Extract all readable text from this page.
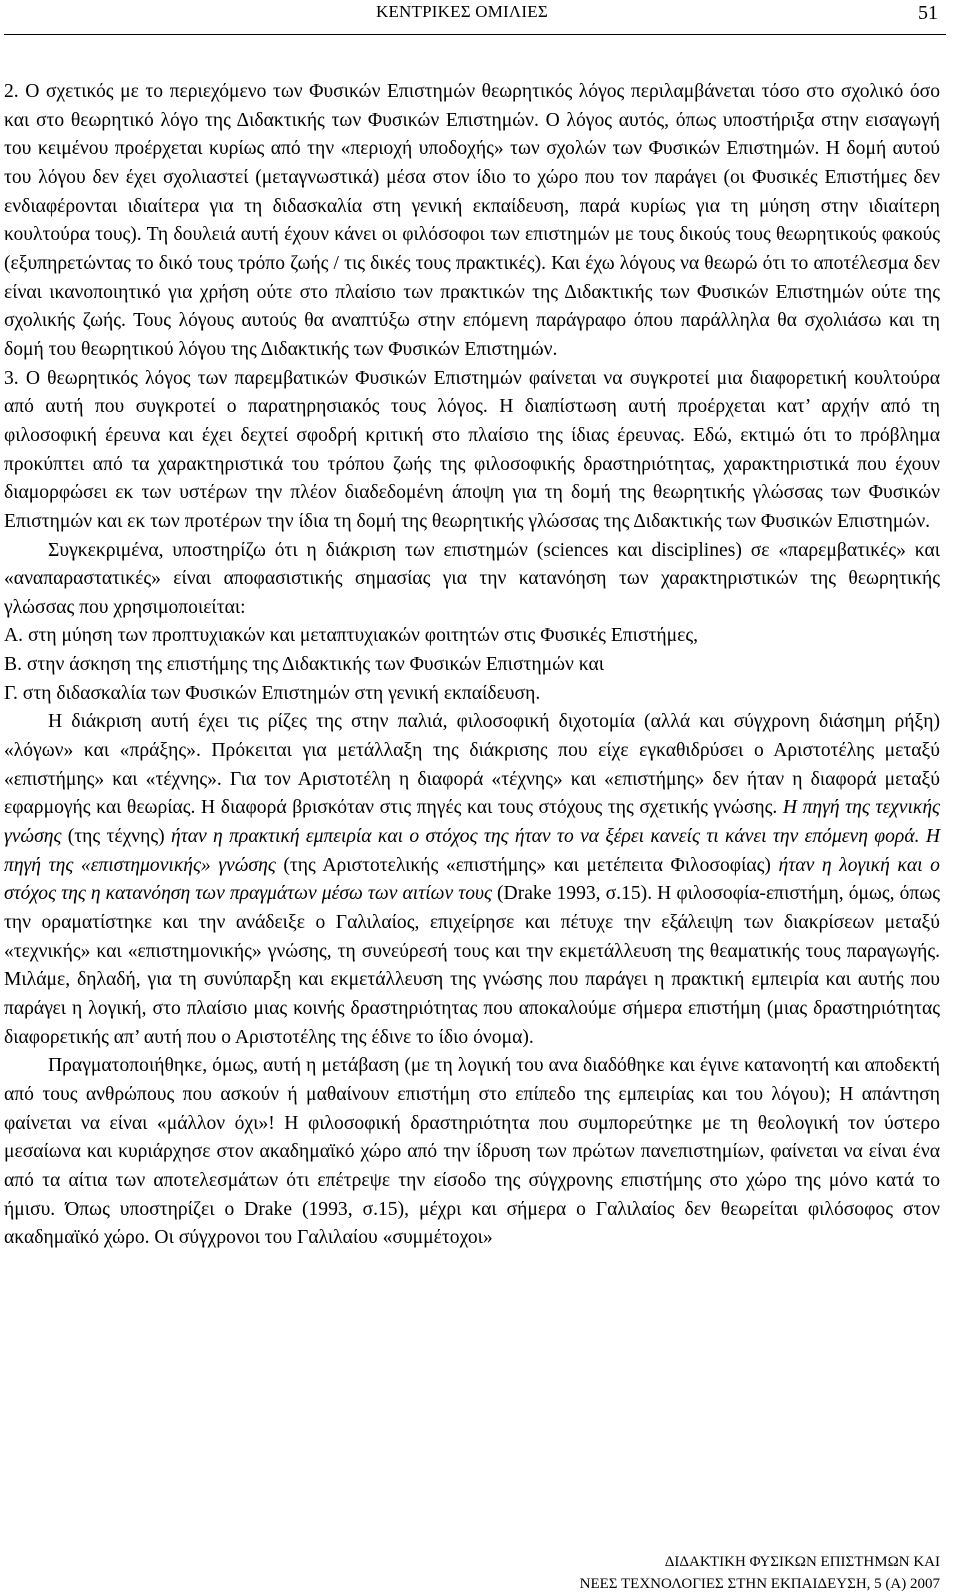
ΚΕΝΤΡΙΚΕΣ ΟΜΙΛΙΕΣ	51

2. Ο σχετικός με το περιεχόμενο των Φυσικών Επιστημών θεωρητικός λόγος περιλαμβάνεται τόσο στο σχολικό όσο και στο θεωρητικό λόγο της Διδακτικής των Φυσικών Επιστημών. Ο λόγος αυτός, όπως υποστήριξα στην εισαγωγή του κειμένου προέρχεται κυρίως από την «περιοχή υποδοχής» των σχολών των Φυσικών Επιστημών. Η δομή αυτού του λόγου δεν έχει σχολιαστεί (μεταγνωστικά) μέσα στον ίδιο το χώρο που τον παράγει (οι Φυσικές Επιστήμες δεν ενδιαφέρονται ιδιαίτερα για τη διδασκαλία στη γενική εκπαίδευση, παρά κυρίως για τη μύηση στην ιδιαίτερη κουλτούρα τους). Τη δουλειά αυτή έχουν κάνει οι φιλόσοφοι των επιστημών με τους δικούς τους θεωρητικούς φακούς (εξυπηρετώντας το δικό τους τρόπο ζωής / τις δικές τους πρακτικές). Και έχω λόγους να θεωρώ ότι το αποτέλεσμα δεν είναι ικανοποιητικό για χρήση ούτε στο πλαίσιο των πρακτικών της Διδακτικής των Φυσικών Επιστημών ούτε της σχολικής ζωής. Τους λόγους αυτούς θα αναπτύξω στην επόμενη παράγραφο όπου παράλληλα θα σχολιάσω και τη δομή του θεωρητικού λόγου της Διδακτικής των Φυσικών Επιστημών.

3. Ο θεωρητικός λόγος των παρεμβατικών Φυσικών Επιστημών φαίνεται να συγκροτεί μια διαφορετική κουλτούρα από αυτή που συγκροτεί ο παρατηρησιακός τους λόγος. Η διαπίστωση αυτή προέρχεται κατ’ αρχήν από τη φιλοσοφική έρευνα και έχει δεχτεί σφοδρή κριτική στο πλαίσιο της ίδιας έρευνας. Εδώ, εκτιμώ ότι το πρόβλημα προκύπτει από τα χαρακτηριστικά του τρόπου ζωής της φιλοσοφικής δραστηριότητας, χαρακτηριστικά που έχουν διαμορφώσει εκ των υστέρων την πλέον διαδεδομένη άποψη για τη δομή της θεωρητικής γλώσσας των Φυσικών Επιστημών και εκ των προτέρων την ίδια τη δομή της θεωρητικής γλώσσας της Διδακτικής των Φυσικών Επιστημών.

Συγκεκριμένα, υποστηρίζω ότι η διάκριση των επιστημών (sciences και disciplines) σε «παρεμβατικές» και «αναπαραστατικές» είναι αποφασιστικής σημασίας για την κατανόηση των χαρακτηριστικών της θεωρητικής γλώσσας που χρησιμοποιείται:

Α. στη μύηση των προπτυχιακών και μεταπτυχιακών φοιτητών στις Φυσικές Επιστήμες,

Β. στην άσκηση της επιστήμης της Διδακτικής των Φυσικών Επιστημών και

Γ. στη διδασκαλία των Φυσικών Επιστημών στη γενική εκπαίδευση.

Η διάκριση αυτή έχει τις ρίζες της στην παλιά, φιλοσοφική διχοτομία (αλλά και σύγχρονη διάσημη ρήξη) «λόγων» και «πράξης». Πρόκειται για μετάλλαξη της διάκρισης που είχε εγκαθιδρύσει ο Αριστοτέλης μεταξύ «επιστήμης» και «τέχνης». Για τον Αριστοτέλη η διαφορά «τέχνης» και «επιστήμης» δεν ήταν η διαφορά μεταξύ εφαρμογής και θεωρίας. Η διαφορά βρισκόταν στις πηγές και τους στόχους της σχετικής γνώσης. Η πηγή της τεχνικής γνώσης (της τέχνης) ήταν η πρακτική εμπειρία και ο στόχος της ήταν το να ξέρει κανείς τι κάνει την επόμενη φορά. Η πηγή της «επιστημονικής» γνώσης (της Αριστοτελικής «επιστήμης» και μετέπειτα Φιλοσοφίας) ήταν η λογική και ο στόχος της η κατανόηση των πραγμάτων μέσω των αιτίων τους (Drake 1993, σ.15). Η φιλοσοφία-επιστήμη, όμως, όπως την οραματίστηκε και την ανάδειξε ο Γαλιλαίος, επιχείρησε και πέτυχε την εξάλειψη των διακρίσεων μεταξύ «τεχνικής» και «επιστημονικής» γνώσης, τη συνεύρεσή τους και την εκμετάλλευση της θεαματικής τους παραγωγής. Μιλάμε, δηλαδή, για τη συνύπαρξη και εκμετάλλευση της γνώσης που παράγει η πρακτική εμπειρία και αυτής που παράγει η λογική, στο πλαίσιο μιας κοινής δραστηριότητας που αποκαλούμε σήμερα επιστήμη (μιας δραστηριότητας διαφορετικής απ’ αυτή που ο Αριστοτέλης της έδινε το ίδιο όνομα).

Πραγματοποιήθηκε, όμως, αυτή η μετάβαση (με τη λογική του ανα διαδόθηκε και έγινε κατανοητή και αποδεκτή από τους ανθρώπους που ασκούν ή μαθαίνουν επιστήμη στο επίπεδο της εμπειρίας και του λόγου); Η απάντηση φαίνεται να είναι «μάλλον όχι»! Η φιλοσοφική δραστηριότητα που συμπορεύτηκε με τη θεολογική τον ύστερο μεσαίωνα και κυριάρχησε στον ακαδημαϊκό χώρο από την ίδρυση των πρώτων πανεπιστημίων, φαίνεται να είναι ένα από τα αίτια των αποτελεσμάτων ότι επέτρεψε την είσοδο της σύγχρονης επιστήμης στο χώρο της μόνο κατά το ήμισυ. Όπως υποστηρίζει ο Drake (1993, σ.15), μέχρι και σήμερα ο Γαλιλαίος δεν θεωρείται φιλόσοφος στον ακαδημαϊκό χώρο. Οι σύγχρονοι του Γαλιλαίου «συμμέτοχοι»

ΔΙΔΑΚΤΙΚΗ ΦΥΣΙΚΩΝ ΕΠΙΣΤΗΜΩΝ ΚΑΙ
ΝΕΕΣ ΤΕΧΝΟΛΟΓΙΕΣ ΣΤΗΝ ΕΚΠΑΙΔΕΥΣΗ, 5 (Α) 2007
